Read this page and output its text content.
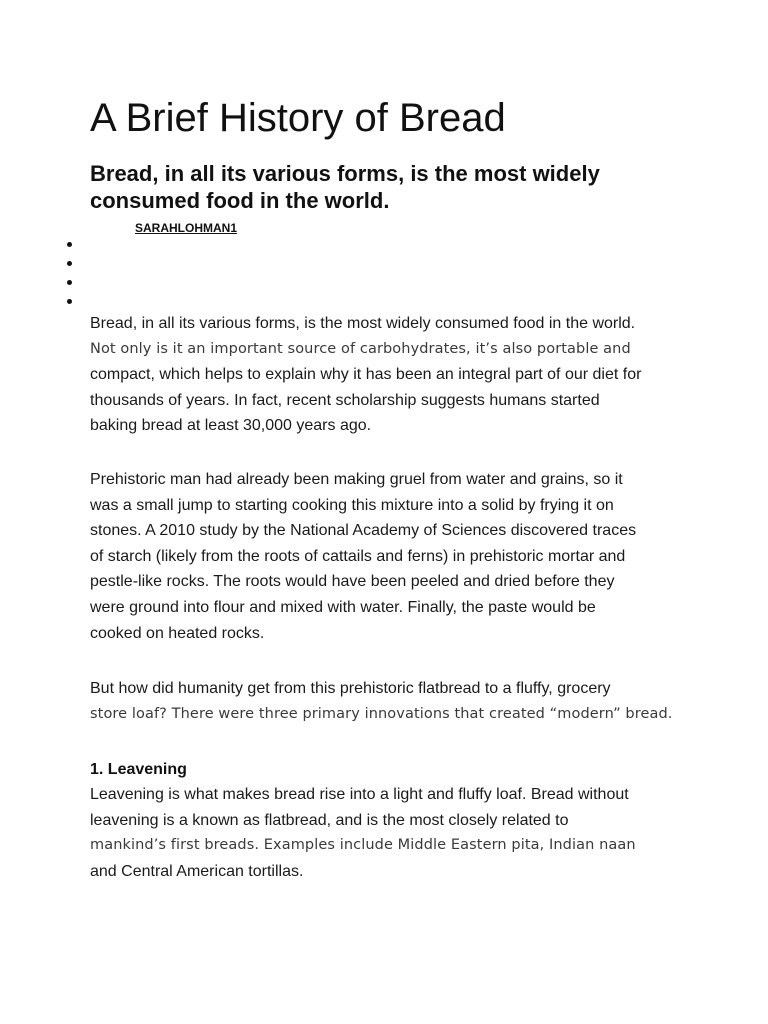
A Brief History of Bread
Bread, in all its various forms, is the most widely consumed food in the world.
SARAHLOHMAN1

Bread, in all its various forms, is the most widely consumed food in the world.
Not only is it an important source of carbohydrates, it’s also portable and
compact, which helps to explain why it has been an integral part of our diet for
thousands of years. In fact, recent scholarship suggests humans started
baking bread at least 30,000 years ago.

Prehistoric man had already been making gruel from water and grains, so it
was a small jump to starting cooking this mixture into a solid by frying it on
stones. A 2010 study by the National Academy of Sciences discovered traces
of starch (likely from the roots of cattails and ferns) in prehistoric mortar and
pestle-like rocks. The roots would have been peeled and dried before they
were ground into flour and mixed with water. Finally, the paste would be
cooked on heated rocks.

But how did humanity get from this prehistoric flatbread to a fluffy, grocery
store loaf? There were three primary innovations that created “modern” bread.

1. Leavening

Leavening is what makes bread rise into a light and fluffy loaf. Bread without
leavening is a known as flatbread, and is the most closely related to
mankind’s first breads. Examples include Middle Eastern pita, Indian naan
and Central American tortillas.
